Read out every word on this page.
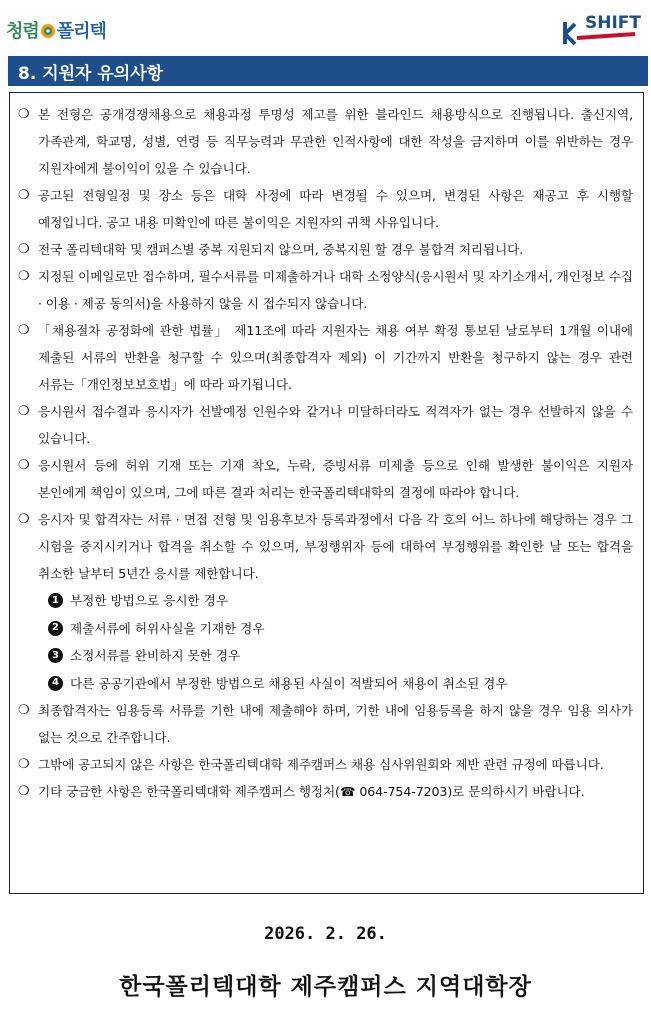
청렴 폴리텍	SHIFT
8. 지원자 유의사항
❍ 본 전형은 공개경쟁채용으로 채용과정 투명성 제고를 위한 블라인드 채용방식으로 진행됩니다. 출신지역, 가족관계, 학교명, 성별, 연령 등 직무능력과 무관한 인적사항에 대한 작성을 금지하며 이를 위반하는 경우 지원자에게 불이익이 있을 수 있습니다.
❍ 공고된 전형일정 및 장소 등은 대학 사정에 따라 변경될 수 있으며, 변경된 사항은 재공고 후 시행할 예정입니다. 공고 내용 미확인에 따른 불이익은 지원자의 귀책 사유입니다.
❍ 전국 폴리텍대학 및 캠퍼스별 중복 지원되지 않으며, 중복지원 할 경우 불합격 처리됩니다.
❍ 지정된 이메일로만 접수하며, 필수서류를 미제출하거나 대학 소정양식(응시원서 및 자기소개서, 개인정보 수집 · 이용 · 제공 동의서)을 사용하지 않을 시 접수되지 않습니다.
❍ 「채용절차 공정화에 관한 법률」 제11조에 따라 지원자는 채용 여부 확정 통보된 날로부터 1개월 이내에 제출된 서류의 반환을 청구할 수 있으며(최종합격자 제외) 이 기간까지 반환을 청구하지 않는 경우 관련 서류는「개인정보보호법」에 따라 파기됩니다.
❍ 응시원서 접수결과 응시자가 선발예정 인원수와 같거나 미달하더라도 적격자가 없는 경우 선발하지 않을 수 있습니다.
❍ 응시원서 등에 허위 기재 또는 기재 착오, 누락, 증빙서류 미제출 등으로 인해 발생한 불이익은 지원자 본인에게 책임이 있으며, 그에 따른 결과 처리는 한국폴리텍대학의 결정에 따라야 합니다.
❍ 응시자 및 합격자는 서류 · 면접 전형 및 임용후보자 등록과정에서 다음 각 호의 어느 하나에 해당하는 경우 그 시험을 중지시키거나 합격을 취소할 수 있으며, 부정행위자 등에 대하여 부정행위를 확인한 날 또는 합격을 취소한 날부터 5년간 응시를 제한합니다.
1 부정한 방법으로 응시한 경우
2 제출서류에 허위사실을 기재한 경우
3 소정서류를 완비하지 못한 경우
4 다른 공공기관에서 부정한 방법으로 채용된 사실이 적발되어 채용이 취소된 경우
❍ 최종합격자는 임용등록 서류를 기한 내에 제출해야 하며, 기한 내에 임용등록을 하지 않을 경우 임용 의사가 없는 것으로 간주합니다.
❍ 그밖에 공고되지 않은 사항은 한국폴리텍대학 제주캠퍼스 채용 심사위원회와 제반 관련 규정에 따릅니다.
❍ 기타 궁금한 사항은 한국폴리텍대학 제주캠퍼스 행정처(☎ 064-754-7203)로 문의하시기 바랍니다.
2026. 2. 26.
한국폴리텍대학 제주캠퍼스 지역대학장
